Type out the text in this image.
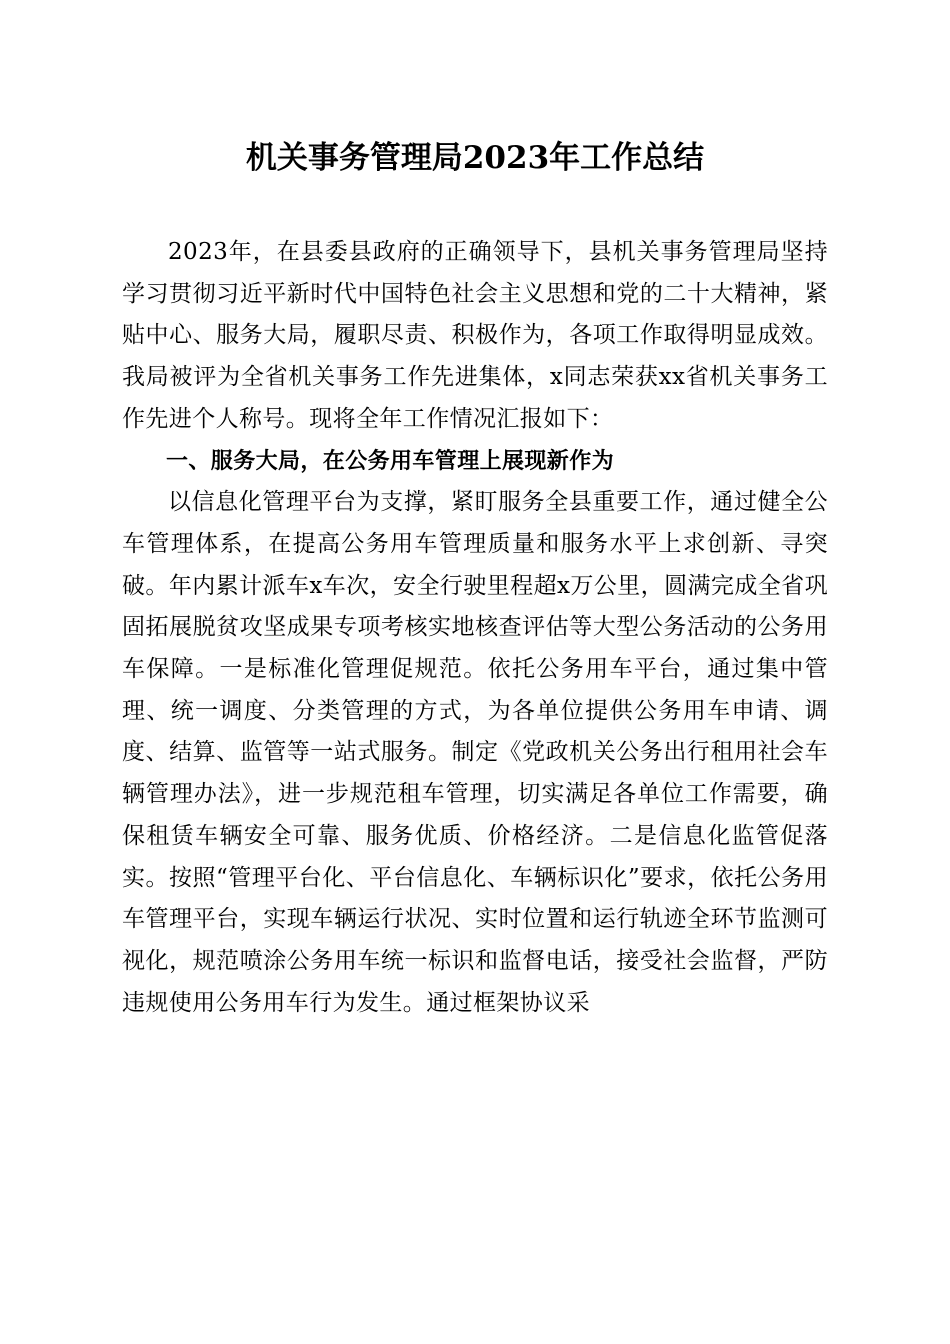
机关事务管理局2023年工作总结

2023年，在县委县政府的正确领导下，县机关事务管理局坚持学习贯彻习近平新时代中国特色社会主义思想和党的二十大精神，紧贴中心、服务大局，履职尽责、积极作为，各项工作取得明显成效。我局被评为全省机关事务工作先进集体，x同志荣获xx省机关事务工作先进个人称号。现将全年工作情况汇报如下：

一、服务大局，在公务用车管理上展现新作为

以信息化管理平台为支撑，紧盯服务全县重要工作，通过健全公车管理体系，在提高公务用车管理质量和服务水平上求创新、寻突破。年内累计派车x车次，安全行驶里程超x万公里，圆满完成全省巩固拓展脱贫攻坚成果专项考核实地核查评估等大型公务活动的公务用车保障。一是标准化管理促规范。依托公务用车平台，通过集中管理、统一调度、分类管理的方式，为各单位提供公务用车申请、调度、结算、监管等一站式服务。制定《党政机关公务出行租用社会车辆管理办法》，进一步规范租车管理，切实满足各单位工作需要，确保租赁车辆安全可靠、服务优质、价格经济。二是信息化监管促落实。按照“管理平台化、平台信息化、车辆标识化”要求，依托公务用车管理平台，实现车辆运行状况、实时位置和运行轨迹全环节监测可视化，规范喷涂公务用车统一标识和监督电话，接受社会监督，严防违规使用公务用车行为发生。通过框架协议采
